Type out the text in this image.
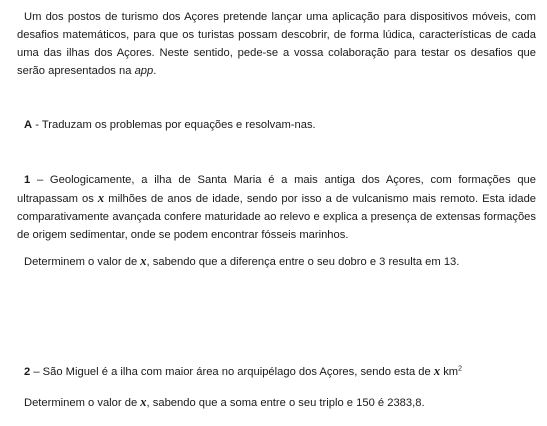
Um dos postos de turismo dos Açores pretende lançar uma aplicação para dispositivos móveis, com desafios matemáticos, para que os turistas possam descobrir, de forma lúdica, características de cada uma das ilhas dos Açores. Neste sentido, pede-se a vossa colaboração para testar os desafios que serão apresentados na app.

A - Traduzam os problemas por equações e resolvam-nas.

1 – Geologicamente, a ilha de Santa Maria é a mais antiga dos Açores, com formações que ultrapassam os x milhões de anos de idade, sendo por isso a de vulcanismo mais remoto. Esta idade comparativamente avançada confere maturidade ao relevo e explica a presença de extensas formações de origem sedimentar, onde se podem encontrar fósseis marinhos.

Determinem o valor de x, sabendo que a diferença entre o seu dobro e 3 resulta em 13.

2 – São Miguel é a ilha com maior área no arquipélago dos Açores, sendo esta de x $km^2$

Determinem o valor de x, sabendo que a soma entre o seu triplo e 150 é 2383,8.
